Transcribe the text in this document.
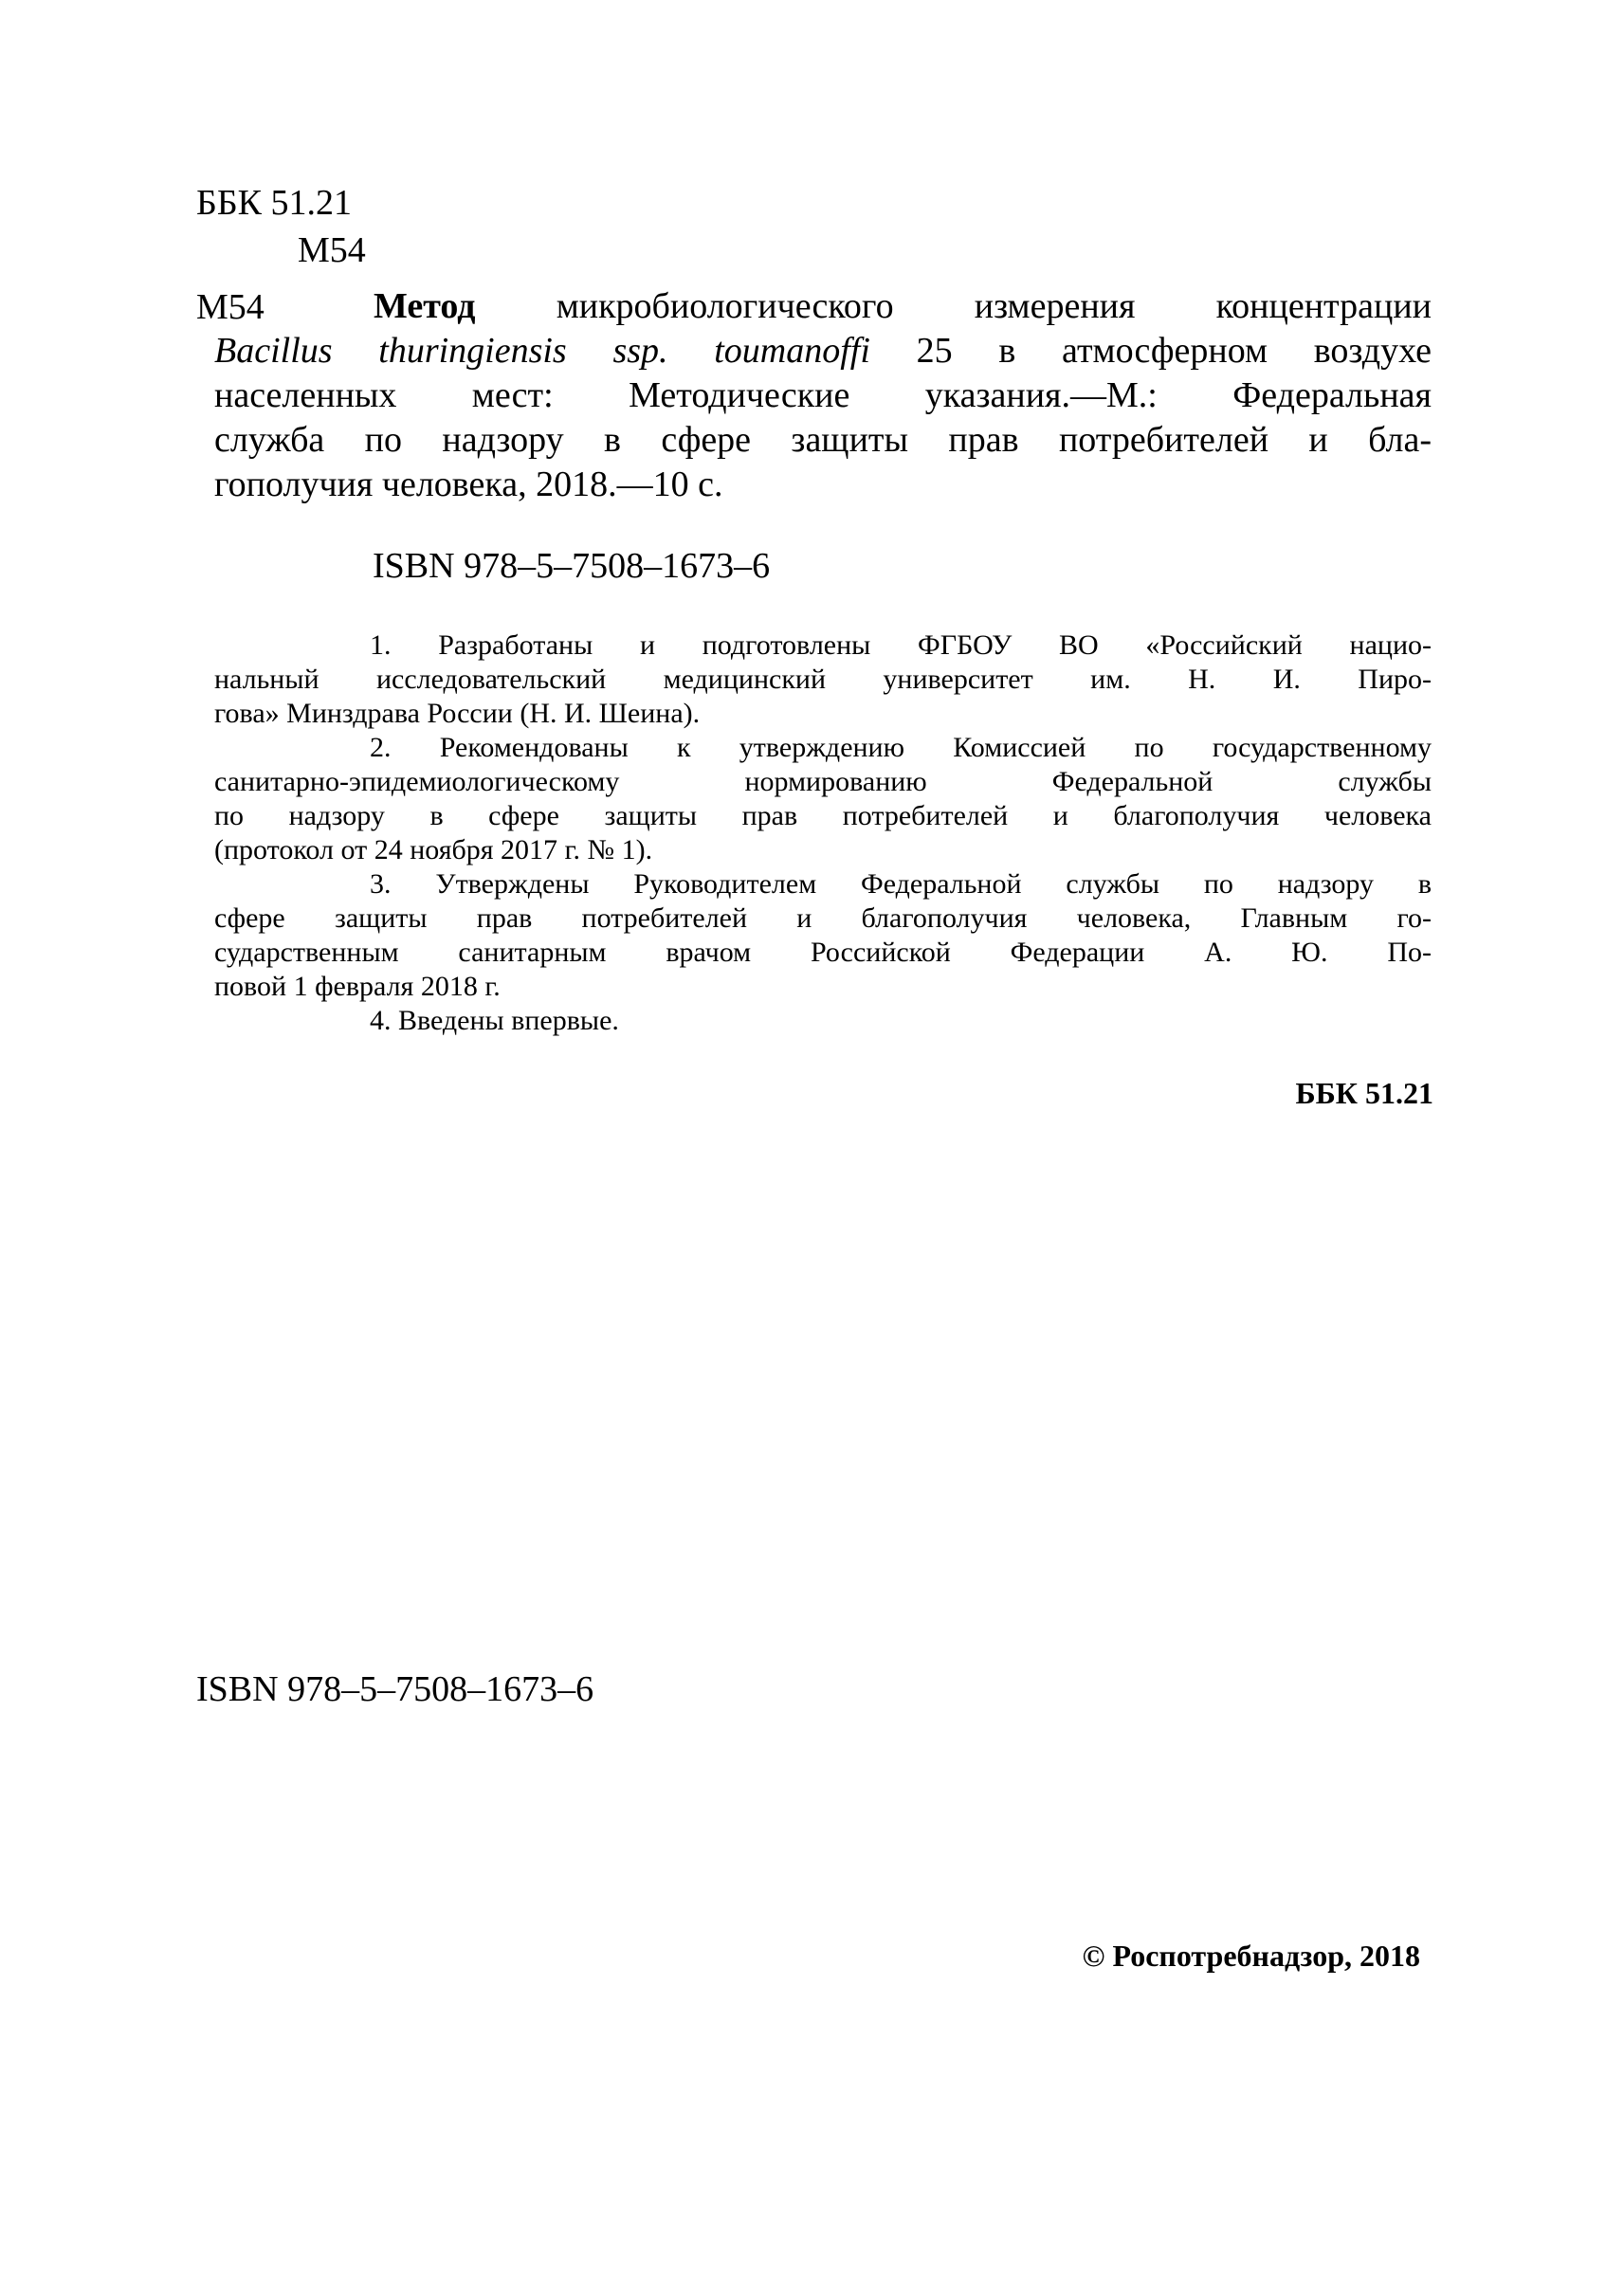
ББК 51.21
М54
М54	Метод микробиологического измерения концентрации
Bacillus thuringiensis ssp. toumanoffi 25 в атмосферном воздухе
населенных мест: Методические указания.—М.: Федеральная
служба по надзору в сфере защиты прав потребителей и бла-
гополучия человека, 2018.—10 с.
ISBN 978–5–7508–1673–6
1. Разработаны и подготовлены ФГБОУ ВО «Российский нацио-
нальный исследовательский медицинский университет им. Н. И. Пиро-
гова» Минздрава России (Н. И. Шеина).
2. Рекомендованы к утверждению Комиссией по государственному
санитарно-эпидемиологическому нормированию Федеральной службы
по надзору в сфере защиты прав потребителей и благополучия человека
(протокол от 24 ноября 2017 г. № 1).
3. Утверждены Руководителем Федеральной службы по надзору в
сфере защиты прав потребителей и благополучия человека, Главным го-
сударственным санитарным врачом Российской Федерации А. Ю. По-
повой 1 февраля 2018 г.
4. Введены впервые.
ББК 51.21
ISBN 978–5–7508–1673–6
© Роспотребнадзор, 2018
